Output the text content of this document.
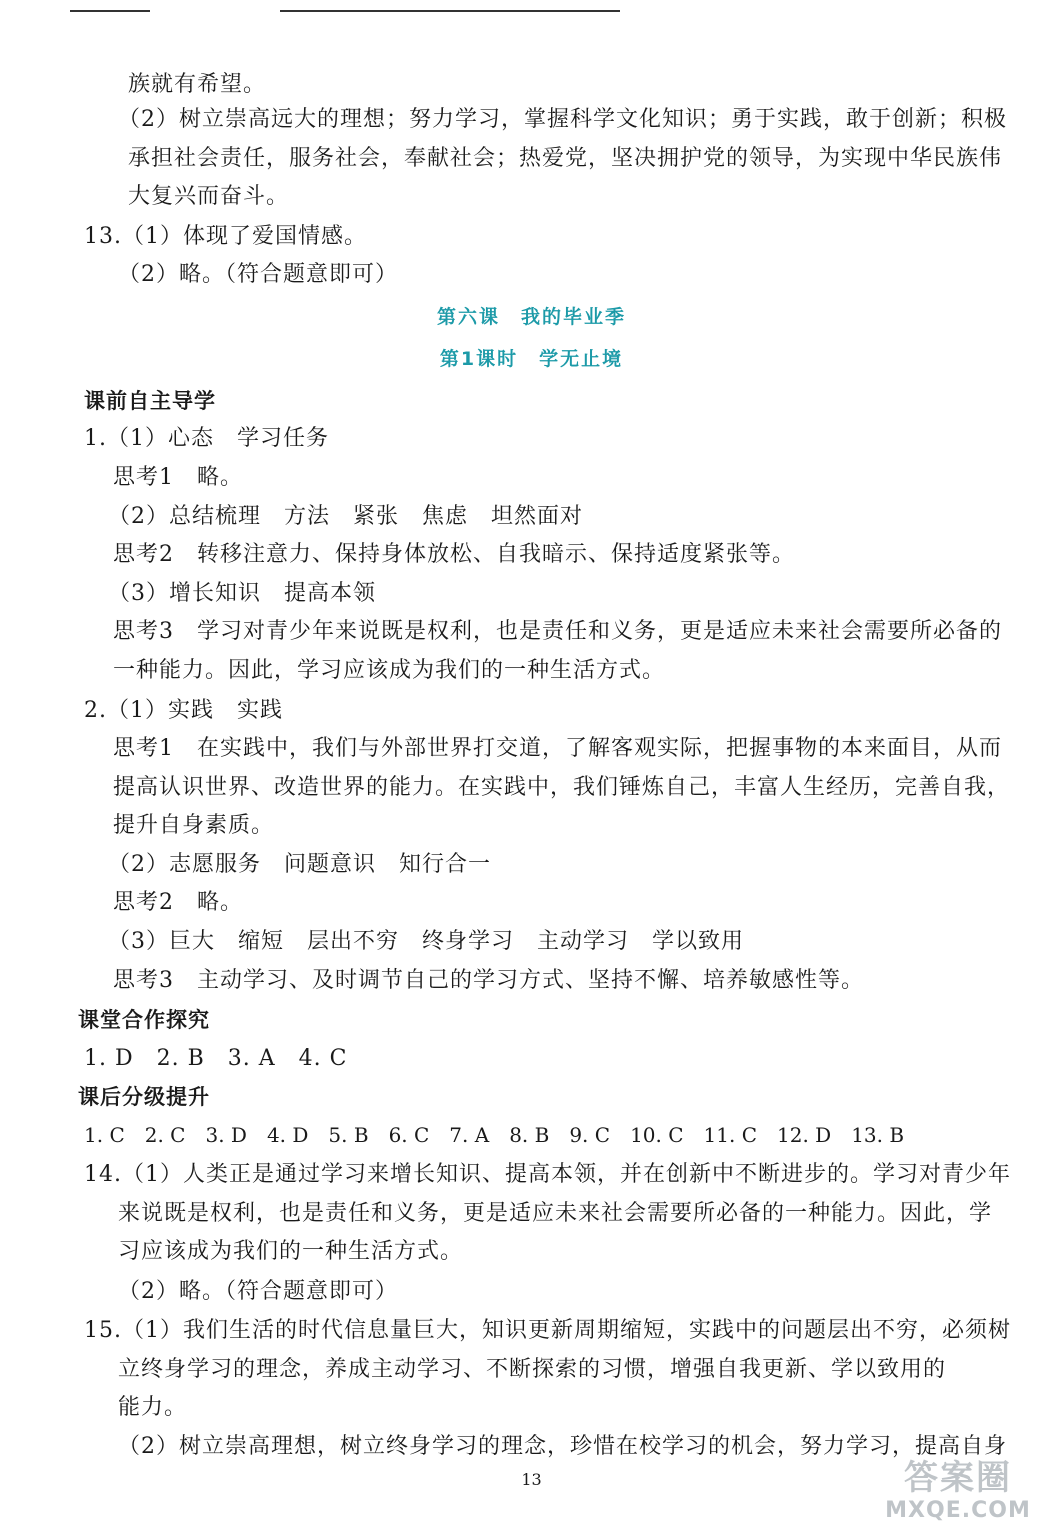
族就有希望。
（2）树立崇高远大的理想；努力学习，掌握科学文化知识；勇于实践，敢于创新；积极
承担社会责任，服务社会，奉献社会；热爱党，坚决拥护党的领导，为实现中华民族伟
大复兴而奋斗。
13.（1）体现了爱国情感。
（2）略。（符合题意即可）
第六课　我的毕业季
第1课时　学无止境
课前自主导学
1.（1）心态　学习任务
思考1　略。
（2）总结梳理　方法　紧张　焦虑　坦然面对
思考2　转移注意力、保持身体放松、自我暗示、保持适度紧张等。
（3）增长知识　提高本领
思考3　学习对青少年来说既是权利，也是责任和义务，更是适应未来社会需要所必备的
一种能力。因此，学习应该成为我们的一种生活方式。
2.（1）实践　实践
思考1　在实践中，我们与外部世界打交道，了解客观实际，把握事物的本来面目，从而
提高认识世界、改造世界的能力。在实践中，我们锤炼自己，丰富人生经历，完善自我，
提升自身素质。
（2）志愿服务　问题意识　知行合一
思考2　略。
（3）巨大　缩短　层出不穷　终身学习　主动学习　学以致用
思考3　主动学习、及时调节自己的学习方式、坚持不懈、培养敏感性等。
课堂合作探究
1. D　2. B　3. A　4. C
课后分级提升
1. C　2. C　3. D　4. D　5. B　6. C　7. A　8. B　9. C　10. C　11. C　12. D　13. B
14.（1）人类正是通过学习来增长知识、提高本领，并在创新中不断进步的。学习对青少年
来说既是权利，也是责任和义务，更是适应未来社会需要所必备的一种能力。因此，学
习应该成为我们的一种生活方式。
（2）略。（符合题意即可）
15.（1）我们生活的时代信息量巨大，知识更新周期缩短，实践中的问题层出不穷，必须树
立终身学习的理念，养成主动学习、不断探索的习惯，增强自我更新、学以致用的
能力。
（2）树立崇高理想，树立终身学习的理念，珍惜在校学习的机会，努力学习，提高自身
13	答案圈
MXQE.COM
